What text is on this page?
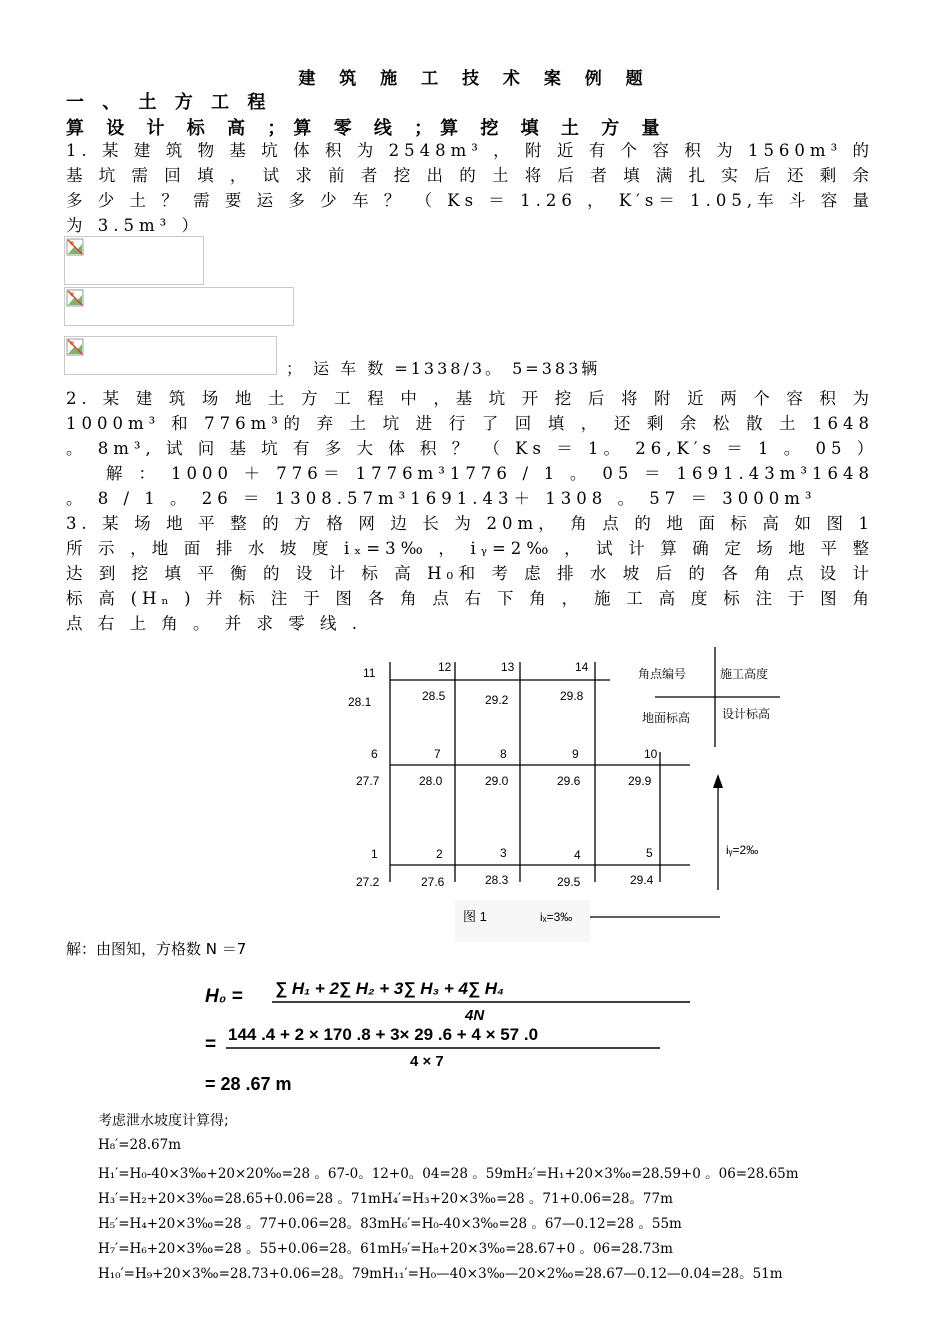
建 筑 施 工 技 术 案 例 题
一 、 土 方 工 程
算 设 计 标 高 ；算 零 线 ；算 挖 填 土 方 量
1. 某 建 筑 物 基 坑 体 积 为 2548m³ ， 附 近 有 个 容 积 为 1560m³ 的 基 坑 需 回 填 ， 试 求 前 者 挖 出 的 土 将 后 者 填 满 扎 实 后 还 剩 余 多 少 土 ？ 需 要 运 多 少 车 ？ （ Ks ＝ 1.26 ， K′s＝ 1.05,车 斗 容 量 为 3.5m³ ）
； 运 车 数 =1338/3。 5=383辆
2. 某 建 筑 场 地 土 方 工 程 中 ，基 坑 开 挖 后 将 附 近 两 个 容 积 为 1000m³ 和 776m³的 弃 土 坑 进 行 了 回 填 ， 还 剩 余 松 散 土 1648 。 8m³, 试 问 基 坑 有 多 大 体 积 ？ （ Ks ＝ 1。 26,K′s ＝ 1 。 05 ）
解 ： 1000 ＋ 776＝ 1776m³1776 / 1 。 05 ＝ 1691.43m³1648 。 8 / 1 。 26 ＝ 1308.57m³1691.43＋ 1308 。 57 ＝ 3000m³
3. 某 场 地 平 整 的 方 格 网 边 长 为 20m， 角 点 的 地 面 标 高 如 图 1 所 示 ，地 面 排 水 坡 度 iₓ=3‰ ， iᵧ=2‰ ， 试 计 算 确 定 场 地 平 整 达 到 挖 填 平 衡 的 设 计 标 高 H₀和 考 虑 排 水 坡 后 的 各 角 点 设 计 标 高 (Hₙ ) 并 标 注 于 图 各 角 点 右 下 角 ， 施 工 高 度 标 注 于 图 角 点 右 上 角 。 并 求 零 线 .
11	12	13	14
28.1	28.5	29.2	29.8
6	7	8	9	10
27.7	28.0	29.0	29.6	29.9
1	2	3	4	5
27.2	27.6	28.3	29.5	29.4
角点编号	施工高度
地面标高	设计标高
iᵧ=2‰
图 1	iₓ=3‰
解：由图知，方格数 N ＝7
H₀ = ∑ H₁ + 2∑ H₂ + 3∑ H₃ + 4∑ H₄
4N
= 144 .4 + 2 × 170 .8 + 3× 29 .6 + 4 × 57 .0
4 × 7
= 28 .67 m
考虑泄水坡度计算得;
H₈′=28.67m
H₁′=H₀-40×3‰+20×20‰=28 。67-0。12+0。04=28 。59mH₂′=H₁+20×3‰=28.59+0 。06=28.65m
H₃′=H₂+20×3‰=28.65+0.06=28 。71mH₄′=H₃+20×3‰=28 。71+0.06=28。77m
H₅′=H₄+20×3‰=28 。77+0.06=28。83mH₆′=H₀-40×3‰=28 。67—0.12=28 。55m
H₇′=H₆+20×3‰=28 。55+0.06=28。61mH₉′=H₈+20×3‰=28.67+0 。06=28.73m
H₁₀′=H₉+20×3‰=28.73+0.06=28。79mH₁₁′=H₀—40×3‰—20×2‰=28.67—0.12—0.04=28。51m
